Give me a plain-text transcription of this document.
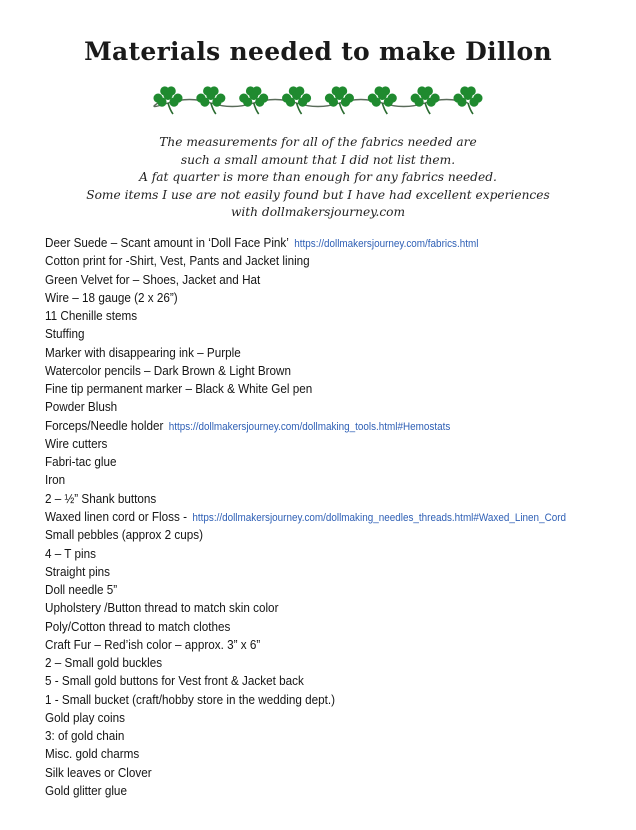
Materials needed to make Dillon
The measurements for all of the fabrics needed are
such a small amount that I did not list them.
A fat quarter is more than enough for any fabrics needed.
Some items I use are not easily found but I have had excellent experiences
with dollmakersjourney.com
Deer Suede – Scant amount in ‘Doll Face Pink’ https://dollmakersjourney.com/fabrics.html
Cotton print for -Shirt, Vest, Pants and Jacket lining
Green Velvet for – Shoes, Jacket and Hat
Wire – 18 gauge (2 x 26”)
11 Chenille stems
Stuffing
Marker with disappearing ink – Purple
Watercolor pencils – Dark Brown & Light Brown
Fine tip permanent marker – Black & White Gel pen
Powder Blush
Forceps/Needle holder https://dollmakersjourney.com/dollmaking_tools.html#Hemostats
Wire cutters
Fabri-tac glue
Iron
2 – ½” Shank buttons
Waxed linen cord or Floss - https://dollmakersjourney.com/dollmaking_needles_threads.html#Waxed_Linen_Cord
Small pebbles (approx 2 cups)
4 – T pins
Straight pins
Doll needle 5”
Upholstery /Button thread to match skin color
Poly/Cotton thread to match clothes
Craft Fur – Red’ish color – approx. 3” x 6”
2 – Small gold buckles
5 - Small gold buttons for Vest front & Jacket back
1 - Small bucket (craft/hobby store in the wedding dept.)
Gold play coins
3: of gold chain
Misc. gold charms
Silk leaves or Clover
Gold glitter glue
